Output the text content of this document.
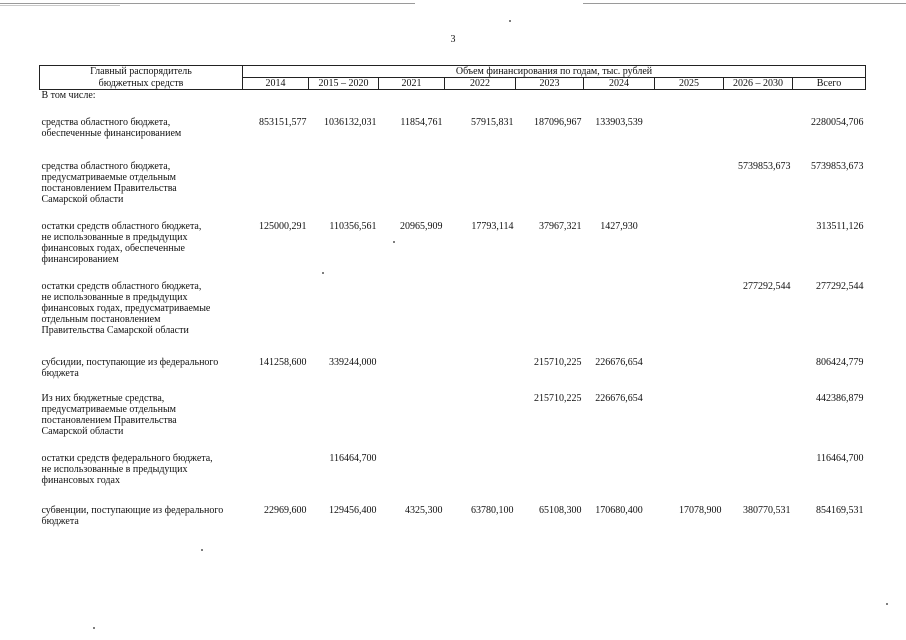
3
Главный распорядитель	Объем финансирования по годам, тыс. рублей								
бюджетных средств	2014	2015 – 2020	2021	2022	2023	2024	2025	2026 – 2030	Всего
В том числе:									
средства областного бюджета,
обеспеченные финансированием	853151,577	1036132,031	11854,761	57915,831	187096,967	133903,539			2280054,706
средства областного бюджета,
предусматриваемые отдельным
постановлением Правительства
Самарской области								5739853,673	5739853,673
остатки средств областного бюджета,
не использованные в предыдущих
финансовых годах, обеспеченные
финансированием	125000,291	110356,561	20965,909	17793,114	37967,321	1427,930			313511,126
остатки средств областного бюджета,
не использованные в предыдущих
финансовых годах, предусматриваемые
отдельным постановлением
Правительства Самарской области								277292,544	277292,544
субсидии, поступающие из федерального
бюджета	141258,600	339244,000			215710,225	226676,654			806424,779
Из них бюджетные средства,
предусматриваемые отдельным
постановлением Правительства
Самарской области					215710,225	226676,654			442386,879
остатки средств федерального бюджета,
не использованные в предыдущих
финансовых годах		116464,700							116464,700
субвенции, поступающие из федерального
бюджета	22969,600	129456,400	4325,300	63780,100	65108,300	170680,400	17078,900	380770,531	854169,531
